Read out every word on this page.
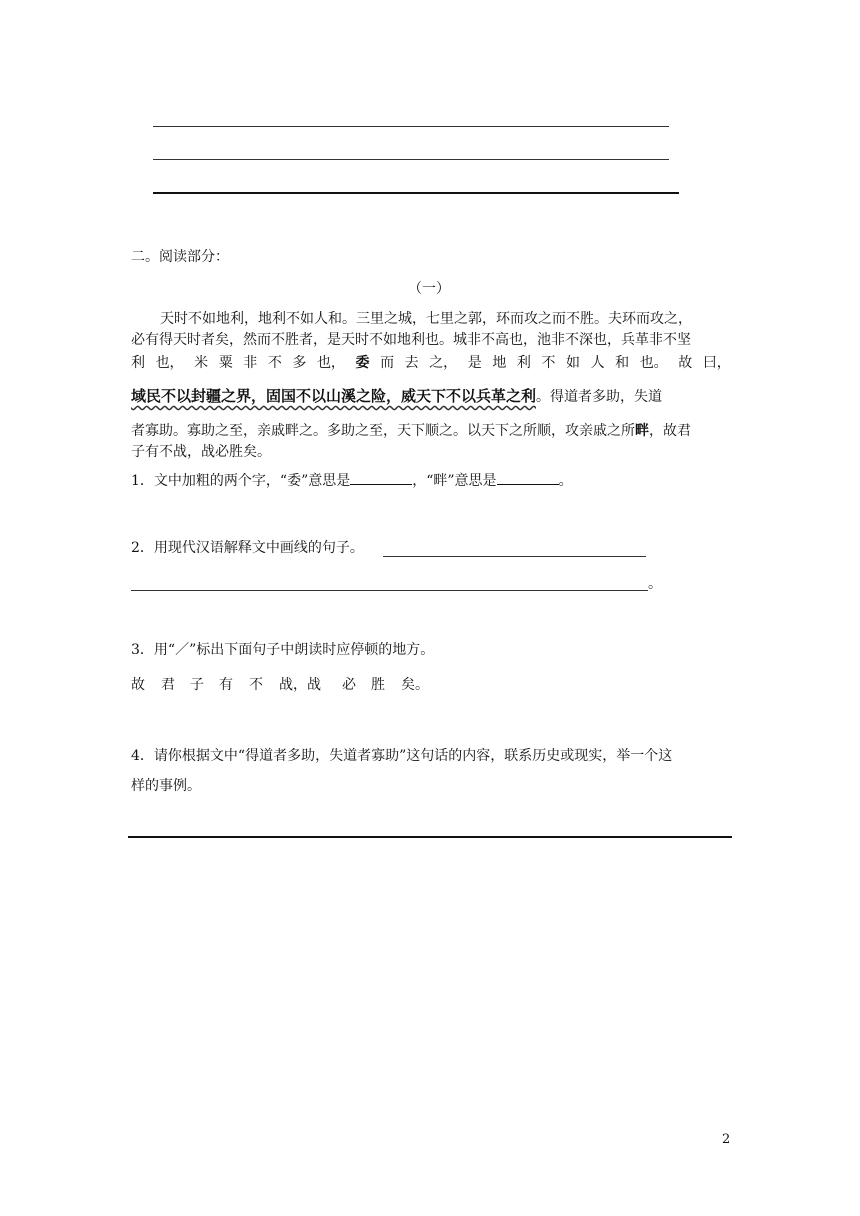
二。阅读部分：
（一）
天时不如地利，地利不如人和。三里之城，七里之郭，环而攻之而不胜。夫环而攻之，
必有得天时者矣，然而不胜者，是天时不如地利也。城非不高也，池非不深也，兵革非不坚
利 也， 米 粟 非 不 多 也， 委 而 去 之， 是 地 利 不 如 人 和 也。 故 曰，
域民不以封疆之界，固国不以山溪之险，威天下不以兵革之利。得道者多助，失道
者寡助。寡助之至，亲戚畔之。多助之至，天下顺之。以天下之所顺，攻亲戚之所畔，故君
子有不战，战必胜矣。
1．文中加粗的两个字，“委”意思是	，“畔”意思是	。
2．用现代汉语解释文中画线的句子。
。
3．用“／”标出下面句子中朗读时应停顿的地方。
故 君 子 有 不 战，战 必 胜 矣。
4．请你根据文中“得道者多助，失道者寡助”这句话的内容，联系历史或现实，举一个这
样的事例。
2
